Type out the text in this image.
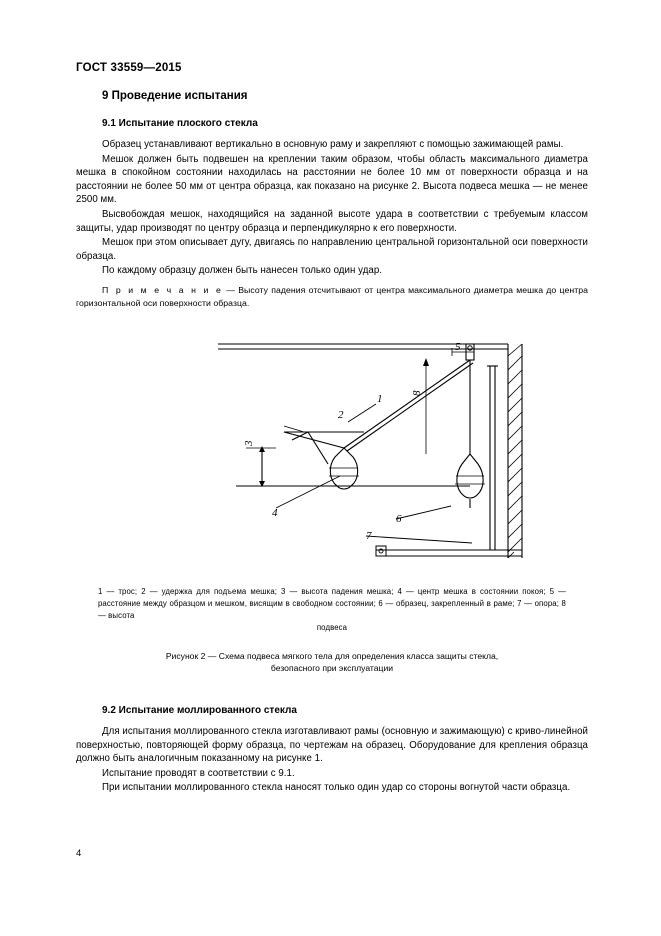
ГОСТ 33559—2015
9 Проведение испытания
9.1 Испытание плоского стекла

Образец устанавливают вертикально в основную раму и закрепляют с помощью зажимающей рамы.

Мешок должен быть подвешен на креплении таким образом, чтобы область максимального диаметра мешка в спокойном состоянии находилась на расстоянии не более 10 мм от поверхности образца и на расстоянии не более 50 мм от центра образца, как показано на рисунке 2. Высота подвеса мешка — не менее 2500 мм.

Высвобождая мешок, находящийся на заданной высоте удара в соответствии с требуемым классом защиты, удар производят по центру образца и перпендикулярно к его поверхности.

Мешок при этом описывает дугу, двигаясь по направлению центральной горизонтальной оси поверхности образца.

По каждому образцу должен быть нанесен только один удар.

П р и м е ч а н и е — Высоту падения отсчитывают от центра максимального диаметра мешка до центра горизонтальной оси поверхности образца.

1
2
3
4
5
6
7
8
1 — трос; 2 — удержка для подъема мешка; 3 — высота падения мешка; 4 — центр мешка в состоянии покоя; 5 — расстояние между образцом и мешком, висящим в свободном состоянии; 6 — образец, закрепленный в раме; 7 — опора; 8 — высота
подвеса
Рисунок 2 — Схема подвеса мягкого тела для определения класса защиты стекла,
безопасного при эксплуатации
9.2 Испытание моллированного стекла

Для испытания моллированного стекла изготавливают рамы (основную и зажимающую) с криво-линейной поверхностью, повторяющей форму образца, по чертежам на образец. Оборудование для крепления образца должно быть аналогичным показанному на рисунке 1.

Испытание проводят в соответствии с 9.1.

При испытании моллированного стекла наносят только один удар со стороны вогнутой части образца.

4
